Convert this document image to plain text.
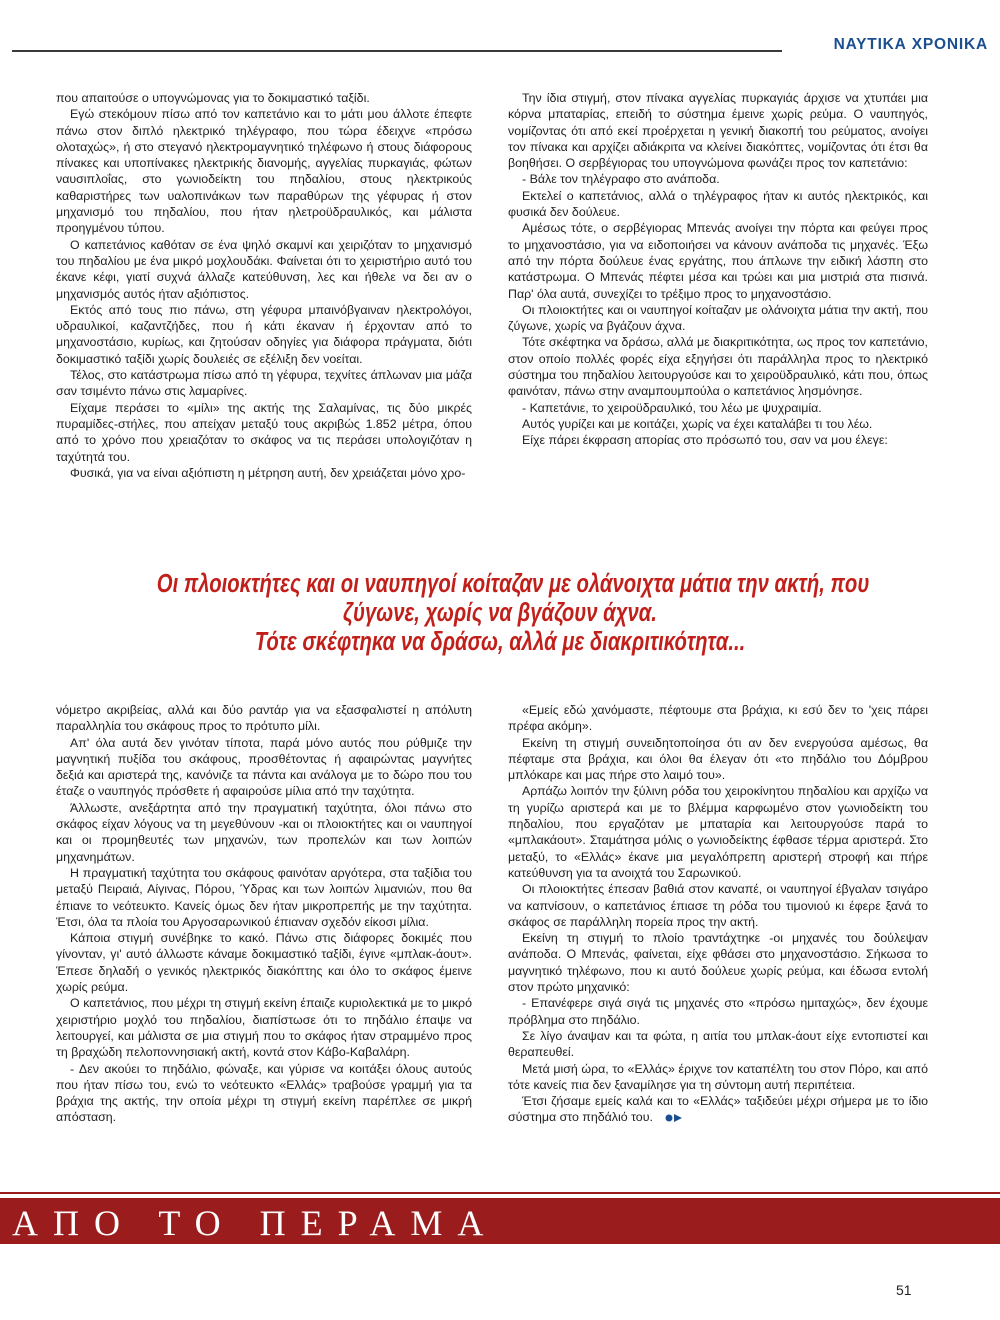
ΝΑΥΤΙΚΑ ΧΡΟΝΙΚΑ

που απαιτούσε ο υπογνώμονας για το δοκιμαστικό ταξίδι.

Εγώ στεκόμουν πίσω από τον καπετάνιο και το μάτι μου άλλοτε έπεφτε πάνω στον διπλό ηλεκτρικό τηλέγραφο, που τώρα έδειχνε «πρόσω ολοταχώς», ή στο στεγανό ηλεκτρομαγνητικό τηλέφωνο ή στους διάφορους πίνακες και υποπίνακες ηλεκτρικής διανομής, αγγελίας πυρκαγιάς, φώτων ναυσιπλοΐας, στο γωνιοδείκτη του πηδαλίου, στους ηλεκτρικούς καθαριστήρες των υαλοπινάκων των παραθύρων της γέφυρας ή στον μηχανισμό του πηδαλίου, που ήταν ηλετροϋδραυλικός, και μάλιστα προηγμένου τύπου.

Ο καπετάνιος καθόταν σε ένα ψηλό σκαμνί και χειριζόταν το μηχανισμό του πηδαλίου με ένα μικρό μοχλουδάκι. Φαίνεται ότι το χειριστήριο αυτό του έκανε κέφι, γιατί συχνά άλλαζε κατεύθυνση, λες και ήθελε να δει αν ο μηχανισμός αυτός ήταν αξιόπιστος.

Εκτός από τους πιο πάνω, στη γέφυρα μπαινόβγαιναν ηλεκτρολόγοι, υδραυλικοί, καζαντζήδες, που ή κάτι έκαναν ή έρχονταν από το μηχανοστάσιο, κυρίως, και ζητούσαν οδηγίες για διάφορα πράγματα, διότι δοκιμαστικό ταξίδι χωρίς δουλειές σε εξέλιξη δεν νοείται.

Τέλος, στο κατάστρωμα πίσω από τη γέφυρα, τεχνίτες άπλωναν μια μάζα σαν τσιμέντο πάνω στις λαμαρίνες.

Είχαμε περάσει το «μίλι» της ακτής της Σαλαμίνας, τις δύο μικρές πυραμίδες-στήλες, που απείχαν μεταξύ τους ακριβώς 1.852 μέτρα, όπου από το χρόνο που χρειαζόταν το σκάφος να τις περάσει υπολογιζόταν η ταχύτητά του.

Φυσικά, για να είναι αξιόπιστη η μέτρηση αυτή, δεν χρειάζεται μόνο χρο-

Την ίδια στιγμή, στον πίνακα αγγελίας πυρκαγιάς άρχισε να χτυπάει μια κόρνα μπαταρίας, επειδή το σύστημα έμεινε χωρίς ρεύμα. Ο ναυπηγός, νομίζοντας ότι από εκεί προέρχεται η γενική διακοπή του ρεύματος, ανοίγει τον πίνακα και αρχίζει αδιάκριτα να κλείνει διακόπτες, νομίζοντας ότι έτσι θα βοηθήσει. Ο σερβέγιορας του υπογνώμονα φωνάζει προς τον καπετάνιο:

- Βάλε τον τηλέγραφο στο ανάποδα.

Εκτελεί ο καπετάνιος, αλλά ο τηλέγραφος ήταν κι αυτός ηλεκτρικός, και φυσικά δεν δούλευε.

Αμέσως τότε, ο σερβέγιορας Μπενάς ανοίγει την πόρτα και φεύγει προς το μηχανοστάσιο, για να ειδοποιήσει να κάνουν ανάποδα τις μηχανές. Έξω από την πόρτα δούλευε ένας εργάτης, που άπλωνε την ειδική λάσπη στο κατάστρωμα. Ο Μπενάς πέφτει μέσα και τρώει και μια μιστριά στα πισινά. Παρ' όλα αυτά, συνεχίζει το τρέξιμο προς το μηχανοστάσιο.

Οι πλοιοκτήτες και οι ναυπηγοί κοίταζαν με ολάνοιχτα μάτια την ακτή, που ζύγωνε, χωρίς να βγάζουν άχνα.

Τότε σκέφτηκα να δράσω, αλλά με διακριτικότητα, ως προς τον καπετάνιο, στον οποίο πολλές φορές είχα εξηγήσει ότι παράλληλα προς το ηλεκτρικό σύστημα του πηδαλίου λειτουργούσε και το χειροϋδραυλικό, κάτι που, όπως φαινόταν, πάνω στην αναμπουμπούλα ο καπετάνιος λησμόνησε.

- Καπετάνιε, το χειροϋδραυλικό, του λέω με ψυχραιμία.

Αυτός γυρίζει και με κοιτάζει, χωρίς να έχει καταλάβει τι του λέω.

Είχε πάρει έκφραση απορίας στο πρόσωπό του, σαν να μου έλεγε:

Οι πλοιοκτήτες και οι ναυπηγοί κοίταζαν με ολάνοιχτα μάτια την ακτή, που
ζύγωνε, χωρίς να βγάζουν άχνα.
Τότε σκέφτηκα να δράσω, αλλά με διακριτικότητα...

νόμετρο ακριβείας, αλλά και δύο ραντάρ για να εξασφαλιστεί η απόλυτη παραλληλία του σκάφους προς το πρότυπο μίλι.

Απ' όλα αυτά δεν γινόταν τίποτα, παρά μόνο αυτός που ρύθμιζε την μαγνητική πυξίδα του σκάφους, προσθέτοντας ή αφαιρώντας μαγνήτες δεξιά και αριστερά της, κανόνιζε τα πάντα και ανάλογα με το δώρο που του έταζε ο ναυπηγός πρόσθετε ή αφαιρούσε μίλια από την ταχύτητα.

Άλλωστε, ανεξάρτητα από την πραγματική ταχύτητα, όλοι πάνω στο σκάφος είχαν λόγους να τη μεγεθύνουν -και οι πλοιοκτήτες και οι ναυπηγοί και οι προμηθευτές των μηχανών, των προπελών και των λοιπών μηχανημάτων.

Η πραγματική ταχύτητα του σκάφους φαινόταν αργότερα, στα ταξίδια του μεταξύ Πειραιά, Αίγινας, Πόρου, Ύδρας και των λοιπών λιμανιών, που θα έπιανε το νεότευκτο. Κανείς όμως δεν ήταν μικροπρεπής με την ταχύτητα. Έτσι, όλα τα πλοία του Αργοσαρωνικού έπιαναν σχεδόν είκοσι μίλια.

Κάποια στιγμή συνέβηκε το κακό. Πάνω στις διάφορες δοκιμές που γίνονταν, γι' αυτό άλλωστε κάναμε δοκιμαστικό ταξίδι, έγινε «μπλακ-άουτ». Έπεσε δηλαδή ο γενικός ηλεκτρικός διακόπτης και όλο το σκάφος έμεινε χωρίς ρεύμα.

Ο καπετάνιος, που μέχρι τη στιγμή εκείνη έπαιζε κυριολεκτικά με το μικρό χειριστήριο μοχλό του πηδαλίου, διαπίστωσε ότι το πηδάλιο έπαψε να λειτουργεί, και μάλιστα σε μια στιγμή που το σκάφος ήταν στραμμένο προς τη βραχώδη πελοποννησιακή ακτή, κοντά στον Κάβο-Καβαλάρη.

- Δεν ακούει το πηδάλιο, φώναξε, και γύρισε να κοιτάξει όλους αυτούς που ήταν πίσω του, ενώ το νεότευκτο «Ελλάς» τραβούσε γραμμή για τα βράχια της ακτής, την οποία μέχρι τη στιγμή εκείνη παρέπλεε σε μικρή απόσταση.

«Εμείς εδώ χανόμαστε, πέφτουμε στα βράχια, κι εσύ δεν το 'χεις πάρει πρέφα ακόμη».

Εκείνη τη στιγμή συνειδητοποίησα ότι αν δεν ενεργούσα αμέσως, θα πέφταμε στα βράχια, και όλοι θα έλεγαν ότι «το πηδάλιο του Δόμβρου μπλόκαρε και μας πήρε στο λαιμό του».

Αρπάζω λοιπόν την ξύλινη ρόδα του χειροκίνητου πηδαλίου και αρχίζω να τη γυρίζω αριστερά και με το βλέμμα καρφωμένο στον γωνιοδείκτη του πηδαλίου, που εργαζόταν με μπαταρία και λειτουργούσε παρά το «μπλακάουτ». Σταμάτησα μόλις ο γωνιοδείκτης έφθασε τέρμα αριστερά. Στο μεταξύ, το «Ελλάς» έκανε μια μεγαλόπρεπη αριστερή στροφή και πήρε κατεύθυνση για τα ανοιχτά του Σαρωνικού.

Οι πλοιοκτήτες έπεσαν βαθιά στον καναπέ, οι ναυπηγοί έβγαλαν τσιγάρο να καπνίσουν, ο καπετάνιος έπιασε τη ρόδα του τιμονιού κι έφερε ξανά το σκάφος σε παράλληλη πορεία προς την ακτή.

Εκείνη τη στιγμή το πλοίο τραντάχτηκε -οι μηχανές του δούλεψαν ανάποδα. Ο Μπενάς, φαίνεται, είχε φθάσει στο μηχανοστάσιο. Σήκωσα το μαγνητικό τηλέφωνο, που κι αυτό δούλευε χωρίς ρεύμα, και έδωσα εντολή στον πρώτο μηχανικό:

- Επανέφερε σιγά σιγά τις μηχανές στο «πρόσω ημιταχώς», δεν έχουμε πρόβλημα στο πηδάλιο.

Σε λίγο άναψαν και τα φώτα, η αιτία του μπλακ-άουτ είχε εντοπιστεί και θεραπευθεί.

Μετά μισή ώρα, το «Ελλάς» έριχνε τον καταπέλτη του στον Πόρο, και από τότε κανείς πια δεν ξαναμίλησε για τη σύντομη αυτή περιπέτεια.

Έτσι ζήσαμε εμείς καλά και το «Ελλάς» ταξιδεύει μέχρι σήμερα με το ίδιο σύστημα στο πηδάλιό του.

ΑΠΟ ΤΟ ΠΕΡΑΜΑ
51
